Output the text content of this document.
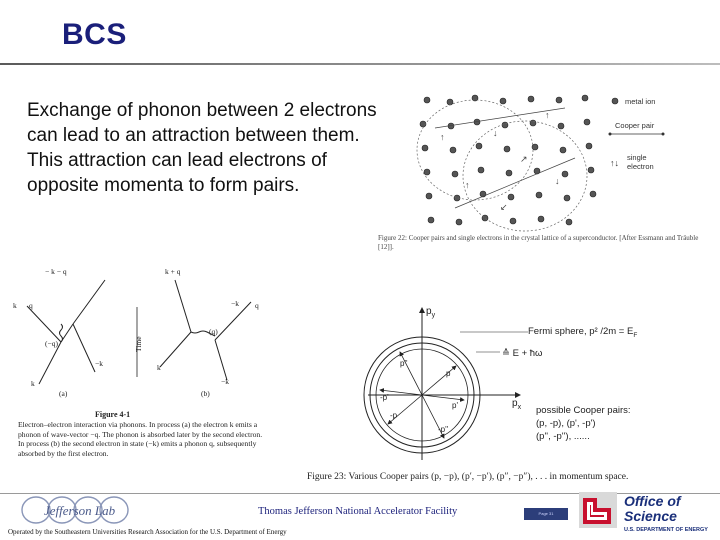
BCS

Exchange of phonon between 2 electrons can lead to an attraction between them.

This attraction can lead electrons of opposite momenta to form pairs.

↑	↓
↗
↑	↓
↙
↑
metal ion
Cooper pair
↑↓
single
electron
Figure 22: Cooper pairs and single electrons in the crystal lattice of a superconductor. [After Essmann and Träuble [12]].
$p_y$
$p_x$
p
-p
p'
-p'
p''
-p''
Fermi sphere, p² $/2m = E_F$
≙ E + ħω
possible Cooper pairs:
(p, -p), (p', -p')
(p'', -p''), ......
Figure 23: Various Cooper pairs (p, −p), (p′, −p′), (p″, −p″), . . . in momentum space.
− k − q	k + q
k q	−k q
(−q)
(q)
−k
k
k
−k
(a)	(b)
Time
Figure 4-1
Electron–electron interaction via phonons. In process (a) the electron k emits a phonon of wave-vector −q. The phonon is absorbed later by the second electron. In process (b) the second electron in state (−k) emits a phonon q, subsequently absorbed by the first electron.
Jefferson Lab	Thomas Jefferson National Accelerator Facility
Operated by the Southeastern Universities Research Association for the U.S. Department of Energy
Page 31
Office of
Science
U.S. DEPARTMENT OF ENERGY
